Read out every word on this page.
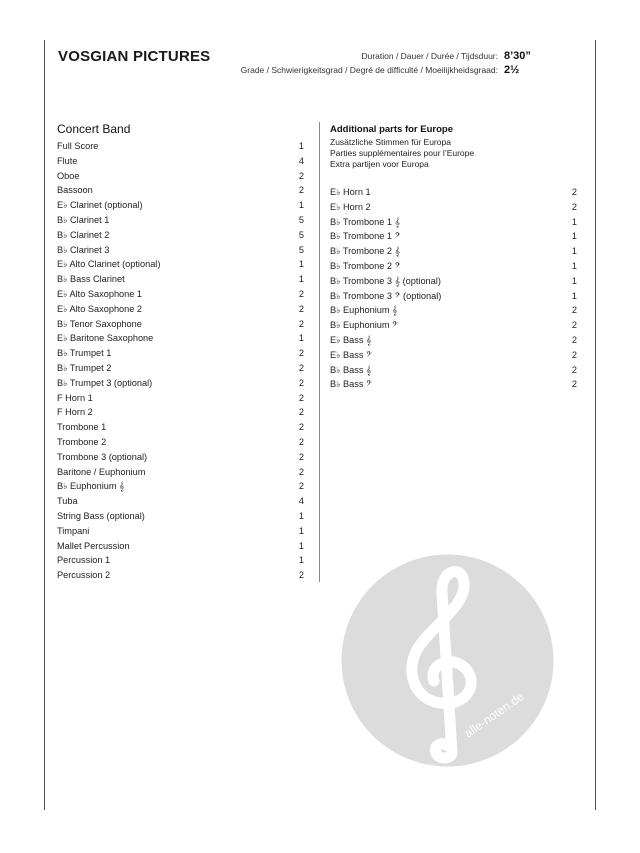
VOSGIAN PICTURES	Duration / Dauer / Durée / Tijdsduur: 8’30”
Grade / Schwierigkeitsgrad / Degré de difficulté / Moeilijkheidsgraad: 2½
Concert Band
Full Score	1
Flute	4
Oboe	2
Bassoon	2
E♭ Clarinet (optional)	1
B♭ Clarinet 1	5
B♭ Clarinet 2	5
B♭ Clarinet 3	5
E♭ Alto Clarinet (optional)	1
B♭ Bass Clarinet	1
E♭ Alto Saxophone 1	2
E♭ Alto Saxophone 2	2
B♭ Tenor Saxophone	2
E♭ Baritone Saxophone	1
B♭ Trumpet 1	2
B♭ Trumpet 2	2
B♭ Trumpet 3 (optional)	2
F Horn 1	2
F Horn 2	2
Trombone 1	2
Trombone 2	2
Trombone 3 (optional)	2
Baritone / Euphonium	2
B♭ Euphonium 𝄞	2
Tuba	4
String Bass (optional)	1
Timpani	1
Mallet Percussion	1
Percussion 1	1
Percussion 2	2
Additional parts for Europe
Zusätzliche Stimmen für Europa
Parties supplémentaires pour l’Europe
Extra partijen voor Europa
E♭ Horn 1	2
E♭ Horn 2	2
B♭ Trombone 1 𝄞	1
B♭ Trombone 1 𝄢	1
B♭ Trombone 2 𝄞	1
B♭ Trombone 2 𝄢	1
B♭ Trombone 3 𝄞 (optional)	1
B♭ Trombone 3 𝄢 (optional)	1
B♭ Euphonium 𝄞	2
B♭ Euphonium 𝄢	2
E♭ Bass 𝄞	2
E♭ Bass 𝄢	2
B♭ Bass 𝄞	2
B♭ Bass 𝄢	2
alle-noten.de
